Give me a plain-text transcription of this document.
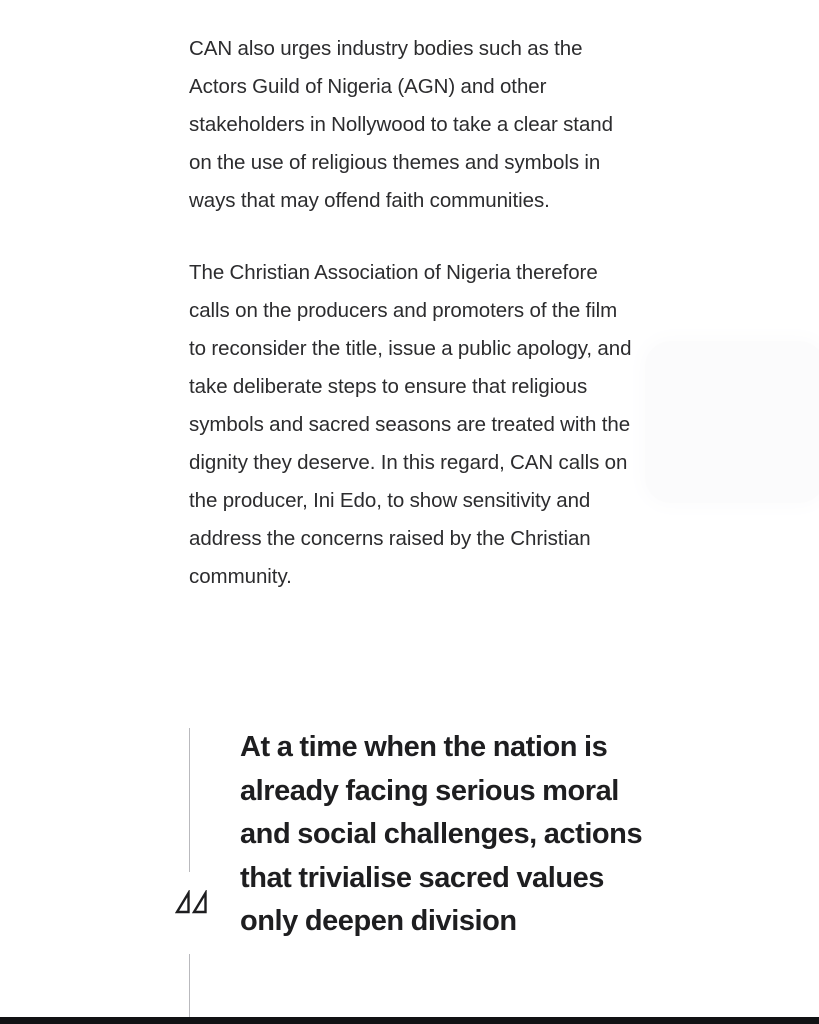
CAN also urges industry bodies such as the Actors Guild of Nigeria (AGN) and other stakeholders in Nollywood to take a clear stand on the use of religious themes and symbols in ways that may offend faith communities.

The Christian Association of Nigeria therefore calls on the producers and promoters of the film to reconsider the title, issue a public apology, and take deliberate steps to ensure that religious symbols and sacred seasons are treated with the dignity they deserve. In this regard, CAN calls on the producer, Ini Edo, to show sensitivity and address the concerns raised by the Christian community.

At a time when the nation is already facing serious moral and social challenges, actions that trivialise sacred values only deepen division
